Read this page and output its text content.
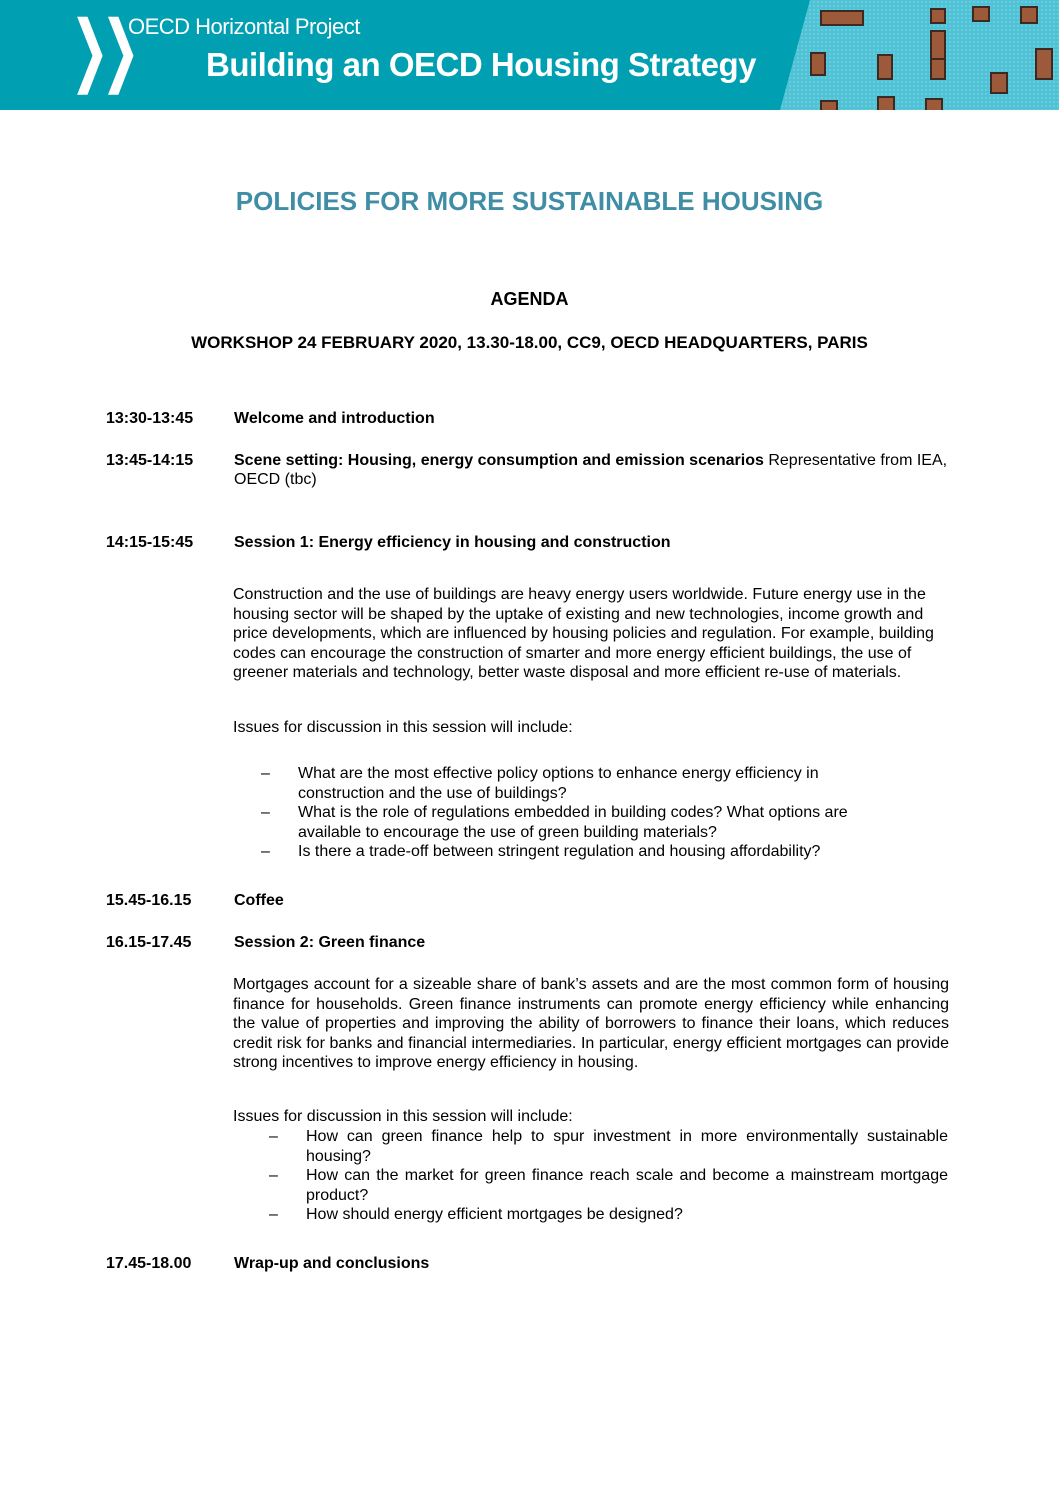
❯❯
OECD Horizontal Project
Building an OECD Housing Strategy
POLICIES FOR MORE SUSTAINABLE HOUSING
AGENDA
WORKSHOP 24 FEBRUARY 2020, 13.30-18.00, CC9, OECD HEADQUARTERS, PARIS
13:30-13:45	Welcome and introduction
13:45-14:15	Scene setting: Housing, energy consumption and emission scenarios Representative from IEA, OECD (tbc)
14:15-15:45	Session 1: Energy efficiency in housing and construction
Construction and the use of buildings are heavy energy users worldwide. Future energy use in the housing sector will be shaped by the uptake of existing and new technologies, income growth and price developments, which are influenced by housing policies and regulation. For example, building codes can encourage the construction of smarter and more energy efficient buildings, the use of greener materials and technology, better waste disposal and more efficient re-use of materials.
Issues for discussion in this session will include:
– What are the most effective policy options to enhance energy efficiency in construction and the use of buildings?
– What is the role of regulations embedded in building codes? What options are available to encourage the use of green building materials?
– Is there a trade-off between stringent regulation and housing affordability?
15.45-16.15	Coffee
16.15-17.45	Session 2: Green finance
Mortgages account for a sizeable share of bank’s assets and are the most common form of housing finance for households. Green finance instruments can promote energy efficiency while enhancing the value of properties and improving the ability of borrowers to finance their loans, which reduces credit risk for banks and financial intermediaries. In particular, energy efficient mortgages can provide strong incentives to improve energy efficiency in housing.
Issues for discussion in this session will include:
– How can green finance help to spur investment in more environmentally sustainable housing?
– How can the market for green finance reach scale and become a mainstream mortgage product?
– How should energy efficient mortgages be designed?
17.45-18.00	Wrap-up and conclusions
